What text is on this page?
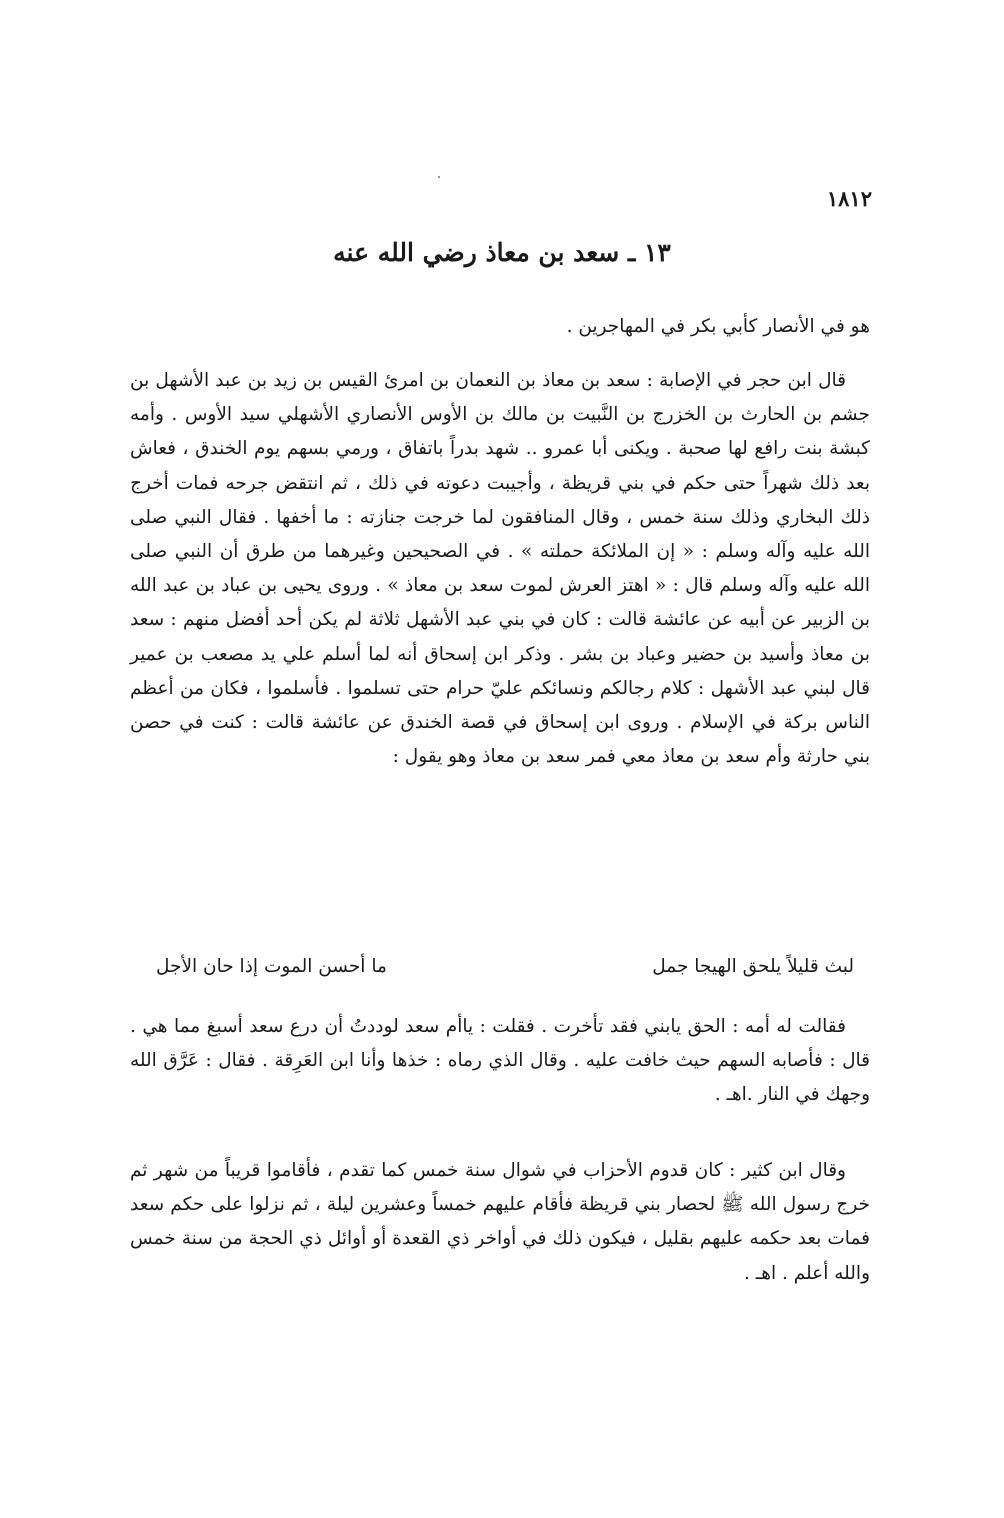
١٨١٢
١٣ ـ سعد بن معاذ رضي الله عنه
هو في الأنصار كأبي بكر في المهاجرين .
قال ابن حجر في الإصابة : سعد بن معاذ بن النعمان بن امرئ القيس بن زيد بن عبد الأشهل بن جشم بن الحارث بن الخزرج بن النَّبيت بن مالك بن الأوس الأنصاري الأشهلي سيد الأوس . وأمه كبشة بنت رافع لها صحبة . ويكنى أبا عمرو .. شهد بدراً باتفاق ، ورمي بسهم يوم الخندق ، فعاش بعد ذلك شهراً حتى حكم في بني قريظة ، وأجيبت دعوته في ذلك ، ثم انتقض جرحه فمات أخرج ذلك البخاري وذلك سنة خمس ، وقال المنافقون لما خرجت جنازته : ما أخفها . فقال النبي صلى الله عليه وآله وسلم : « إن الملائكة حملته » . في الصحيحين وغيرهما من طرق أن النبي صلى الله عليه وآله وسلم قال : « اهتز العرش لموت سعد بن معاذ » . وروى يحيى بن عباد بن عبد الله بن الزبير عن أبيه عن عائشة قالت : كان في بني عبد الأشهل ثلاثة لم يكن أحد أفضل منهم : سعد بن معاذ وأسيد بن حضير وعباد بن بشر . وذكر ابن إسحاق أنه لما أسلم علي يد مصعب بن عمير قال لبني عبد الأشهل : كلام رجالكم ونسائكم عليّ حرام حتى تسلموا . فأسلموا ، فكان من أعظم الناس بركة في الإسلام . وروى ابن إسحاق في قصة الخندق عن عائشة قالت : كنت في حصن بني حارثة وأم سعد بن معاذ معي فمر سعد بن معاذ وهو يقول :
لبث قليلاً يلحق الهيجا جمل
ما أحسن الموت إذا حان الأجل
فقالت له أمه : الحق يابني فقد تأخرت . فقلت : ياأم سعد لوددتُ أن درع سعد أسبغ مما هي . قال : فأصابه السهم حيث خافت عليه . وقال الذي رماه : خذها وأنا ابن العَرِقة . فقال : عَرَّق الله وجهك في النار .اهـ .
وقال ابن كثير : كان قدوم الأحزاب في شوال سنة خمس كما تقدم ، فأقاموا قريباً من شهر ثم خرج رسول الله ﷺ لحصار بني قريظة فأقام عليهم خمساً وعشرين ليلة ، ثم نزلوا على حكم سعد فمات بعد حكمه عليهم بقليل ، فيكون ذلك في أواخر ذي القعدة أو أوائل ذي الحجة من سنة خمس والله أعلم . اهـ .
